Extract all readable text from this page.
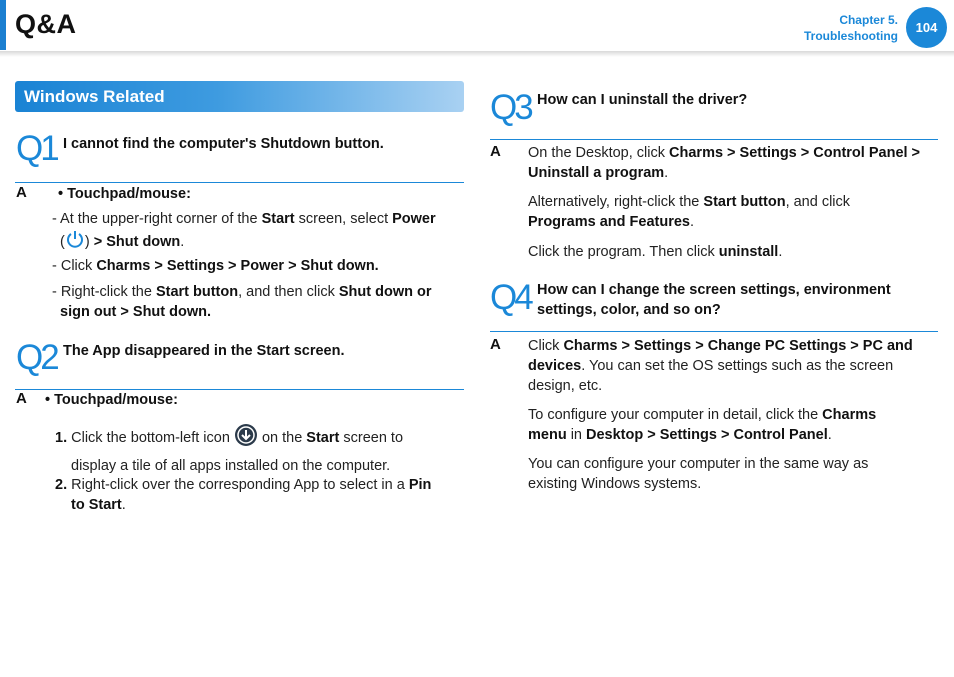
Q&A	Chapter 5.
Troubleshooting
104
Windows Related
Q1 I cannot find the computer's Shutdown button.
A • Touchpad/mouse:
- At the upper-right corner of the Start screen, select Power
( ) > Shut down.
- Click Charms > Settings > Power > Shut down.
- Right-click the Start button, and then click Shut down or
sign out > Shut down.
Q2 The App disappeared in the Start screen.
A • Touchpad/mouse:
1. Click the bottom-left icon  on the Start screen to
display a tile of all apps installed on the computer.
2. Right-click over the corresponding App to select in a Pin
to Start.
Q3 How can I uninstall the driver?
A On the Desktop, click Charms > Settings > Control Panel >
Uninstall a program.
Alternatively, right-click the Start button, and click
Programs and Features.
Click the program. Then click uninstall.
Q4 How can I change the screen settings, environment
settings, color, and so on?
A Click Charms > Settings > Change PC Settings > PC and
devices. You can set the OS settings such as the screen
design, etc.
To configure your computer in detail, click the Charms
menu in Desktop > Settings > Control Panel.
You can configure your computer in the same way as
existing Windows systems.
